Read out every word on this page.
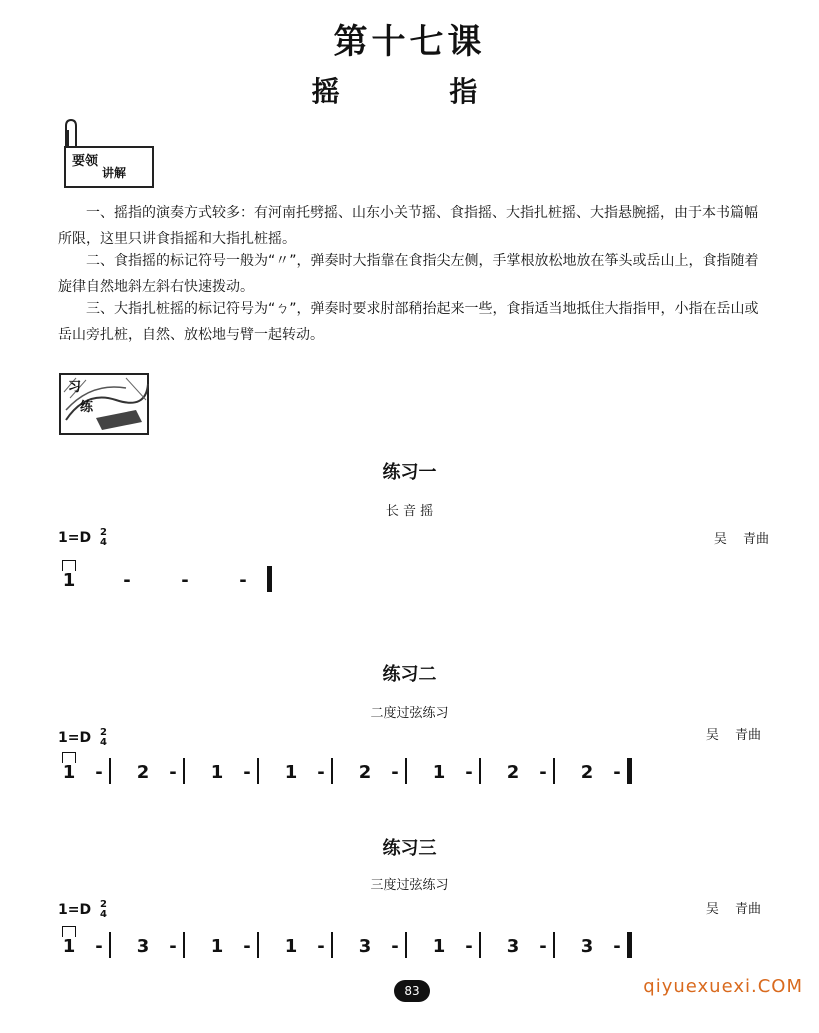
第十七课
摇 指
要领
讲解
一、摇指的演奏方式较多：有河南托劈摇、山东小关节摇、食指摇、大指扎桩摇、大指悬腕摇，由于本书篇幅所限，这里只讲食指摇和大指扎桩摇。
二、食指摇的标记符号一般为“〃”，弹奏时大指靠在食指尖左侧，手掌根放松地放在筝头或岳山上，食指随着旋律自然地斜左斜右快速拨动。
三、大指扎桩摇的标记符号为“ㄅ”，弹奏时要求肘部稍抬起来一些，食指适当地抵住大指指甲，小指在岳山或岳山旁扎桩，自然、放松地与臂一起转动。
习
练
练习一
长 音 摇
1=D 2
4	吴 青曲
1	-	-	-
练习二
二度过弦练习
1=D 2
4	吴 青曲
1	-	2	-	1	-	1	-	2	-	1	-	2	-	2	-
练习三
三度过弦练习
1=D 2
4	吴 青曲
1	-	3	-	1	-	1	-	3	-	1	-	3	-	3	-
83	qiyuexuexi.COM
